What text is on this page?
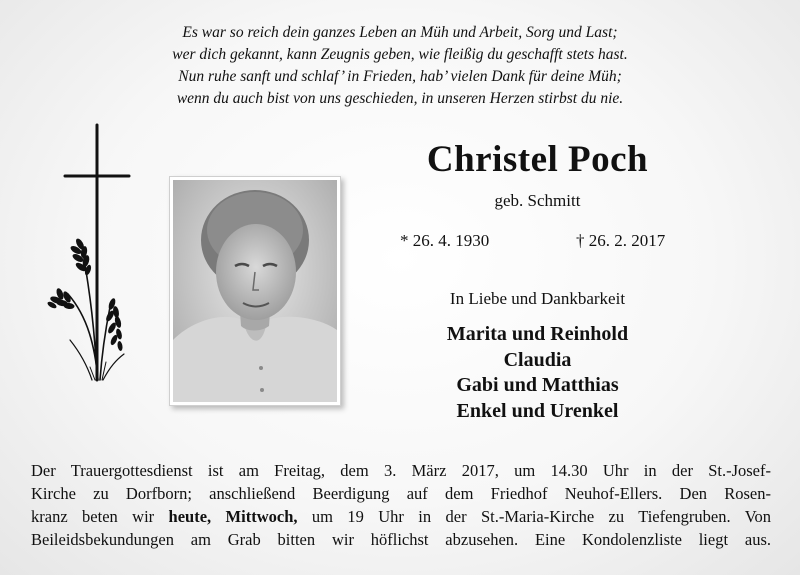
Es war so reich dein ganzes Leben an Müh und Arbeit, Sorg und Last;
wer dich gekannt, kann Zeugnis geben, wie fleißig du geschafft stets hast.
Nun ruhe sanft und schlaf’ in Frieden, hab’ vielen Dank für deine Müh;
wenn du auch bist von uns geschieden, in unseren Herzen stirbst du nie.
Christel Poch
geb. Schmitt
* 26. 4. 1930	† 26. 2. 2017
In Liebe und Dankbarkeit
Marita und Reinhold
Claudia
Gabi und Matthias
Enkel und Urenkel
Der Trauergottesdienst ist am Freitag, dem 3. März 2017, um 14.30 Uhr in der St.-Josef-
Kirche zu Dorfborn; anschließend Beerdigung auf dem Friedhof Neuhof-Ellers. Den Rosen-
kranz beten wir heute, Mittwoch, um 19 Uhr in der St.-Maria-Kirche zu Tiefengruben. Von
Beileidsbekundungen am Grab bitten wir höflichst abzusehen. Eine Kondolenzliste liegt aus.
